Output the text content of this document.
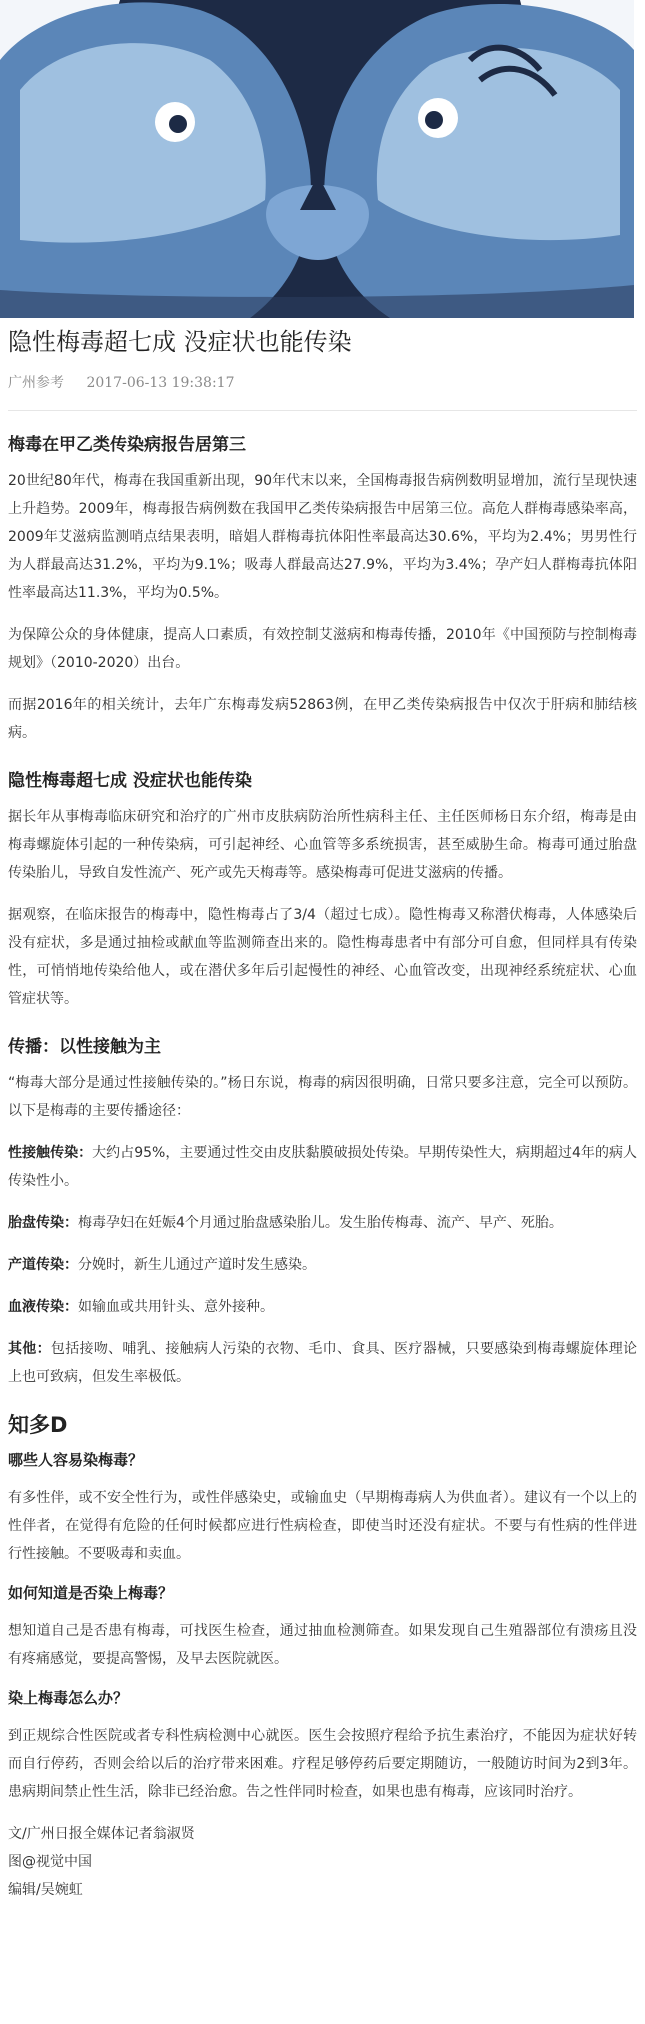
隐性梅毒超七成 没症状也能传染
广州参考 2017-06-13 19:38:17
梅毒在甲乙类传染病报告居第三

20世纪80年代，梅毒在我国重新出现，90年代末以来，全国梅毒报告病例数明显增加，流行呈现快速上升趋势。2009年，梅毒报告病例数在我国甲乙类传染病报告中居第三位。高危人群梅毒感染率高，2009年艾滋病监测哨点结果表明，暗娼人群梅毒抗体阳性率最高达30.6%，平均为2.4%；男男性行为人群最高达31.2%，平均为9.1%；吸毒人群最高达27.9%，平均为3.4%；孕产妇人群梅毒抗体阳性率最高达11.3%，平均为0.5%。

为保障公众的身体健康，提高人口素质，有效控制艾滋病和梅毒传播，2010年《中国预防与控制梅毒规划》（2010-2020）出台。

而据2016年的相关统计，去年广东梅毒发病52863例，在甲乙类传染病报告中仅次于肝病和肺结核病。

隐性梅毒超七成 没症状也能传染

据长年从事梅毒临床研究和治疗的广州市皮肤病防治所性病科主任、主任医师杨日东介绍，梅毒是由梅毒螺旋体引起的一种传染病，可引起神经、心血管等多系统损害，甚至威胁生命。梅毒可通过胎盘传染胎儿，导致自发性流产、死产或先天梅毒等。感染梅毒可促进艾滋病的传播。

据观察，在临床报告的梅毒中，隐性梅毒占了3/4（超过七成）。隐性梅毒又称潜伏梅毒，人体感染后没有症状，多是通过抽检或献血等监测筛查出来的。隐性梅毒患者中有部分可自愈，但同样具有传染性，可悄悄地传染给他人，或在潜伏多年后引起慢性的神经、心血管改变，出现神经系统症状、心血管症状等。

传播：以性接触为主

“梅毒大部分是通过性接触传染的。”杨日东说，梅毒的病因很明确，日常只要多注意，完全可以预防。以下是梅毒的主要传播途径：

性接触传染：大约占95%，主要通过性交由皮肤黏膜破损处传染。早期传染性大，病期超过4年的病人传染性小。

胎盘传染：梅毒孕妇在妊娠4个月通过胎盘感染胎儿。发生胎传梅毒、流产、早产、死胎。

产道传染：分娩时，新生儿通过产道时发生感染。

血液传染：如输血或共用针头、意外接种。

其他：包括接吻、哺乳、接触病人污染的衣物、毛巾、食具、医疗器械，只要感染到梅毒螺旋体理论上也可致病，但发生率极低。

知多D
哪些人容易染梅毒？

有多性伴，或不安全性行为，或性伴感染史，或输血史（早期梅毒病人为供血者）。建议有一个以上的性伴者，在觉得有危险的任何时候都应进行性病检查，即使当时还没有症状。不要与有性病的性伴进行性接触。不要吸毒和卖血。

如何知道是否染上梅毒？

想知道自己是否患有梅毒，可找医生检查，通过抽血检测筛查。如果发现自己生殖器部位有溃疡且没有疼痛感觉，要提高警惕，及早去医院就医。

染上梅毒怎么办？

到正规综合性医院或者专科性病检测中心就医。医生会按照疗程给予抗生素治疗，不能因为症状好转而自行停药，否则会给以后的治疗带来困难。疗程足够停药后要定期随访，一般随访时间为2到3年。患病期间禁止性生活，除非已经治愈。告之性伴同时检查，如果也患有梅毒，应该同时治疗。

文/广州日报全媒体记者翁淑贤
图@视觉中国
编辑/吴婉虹
